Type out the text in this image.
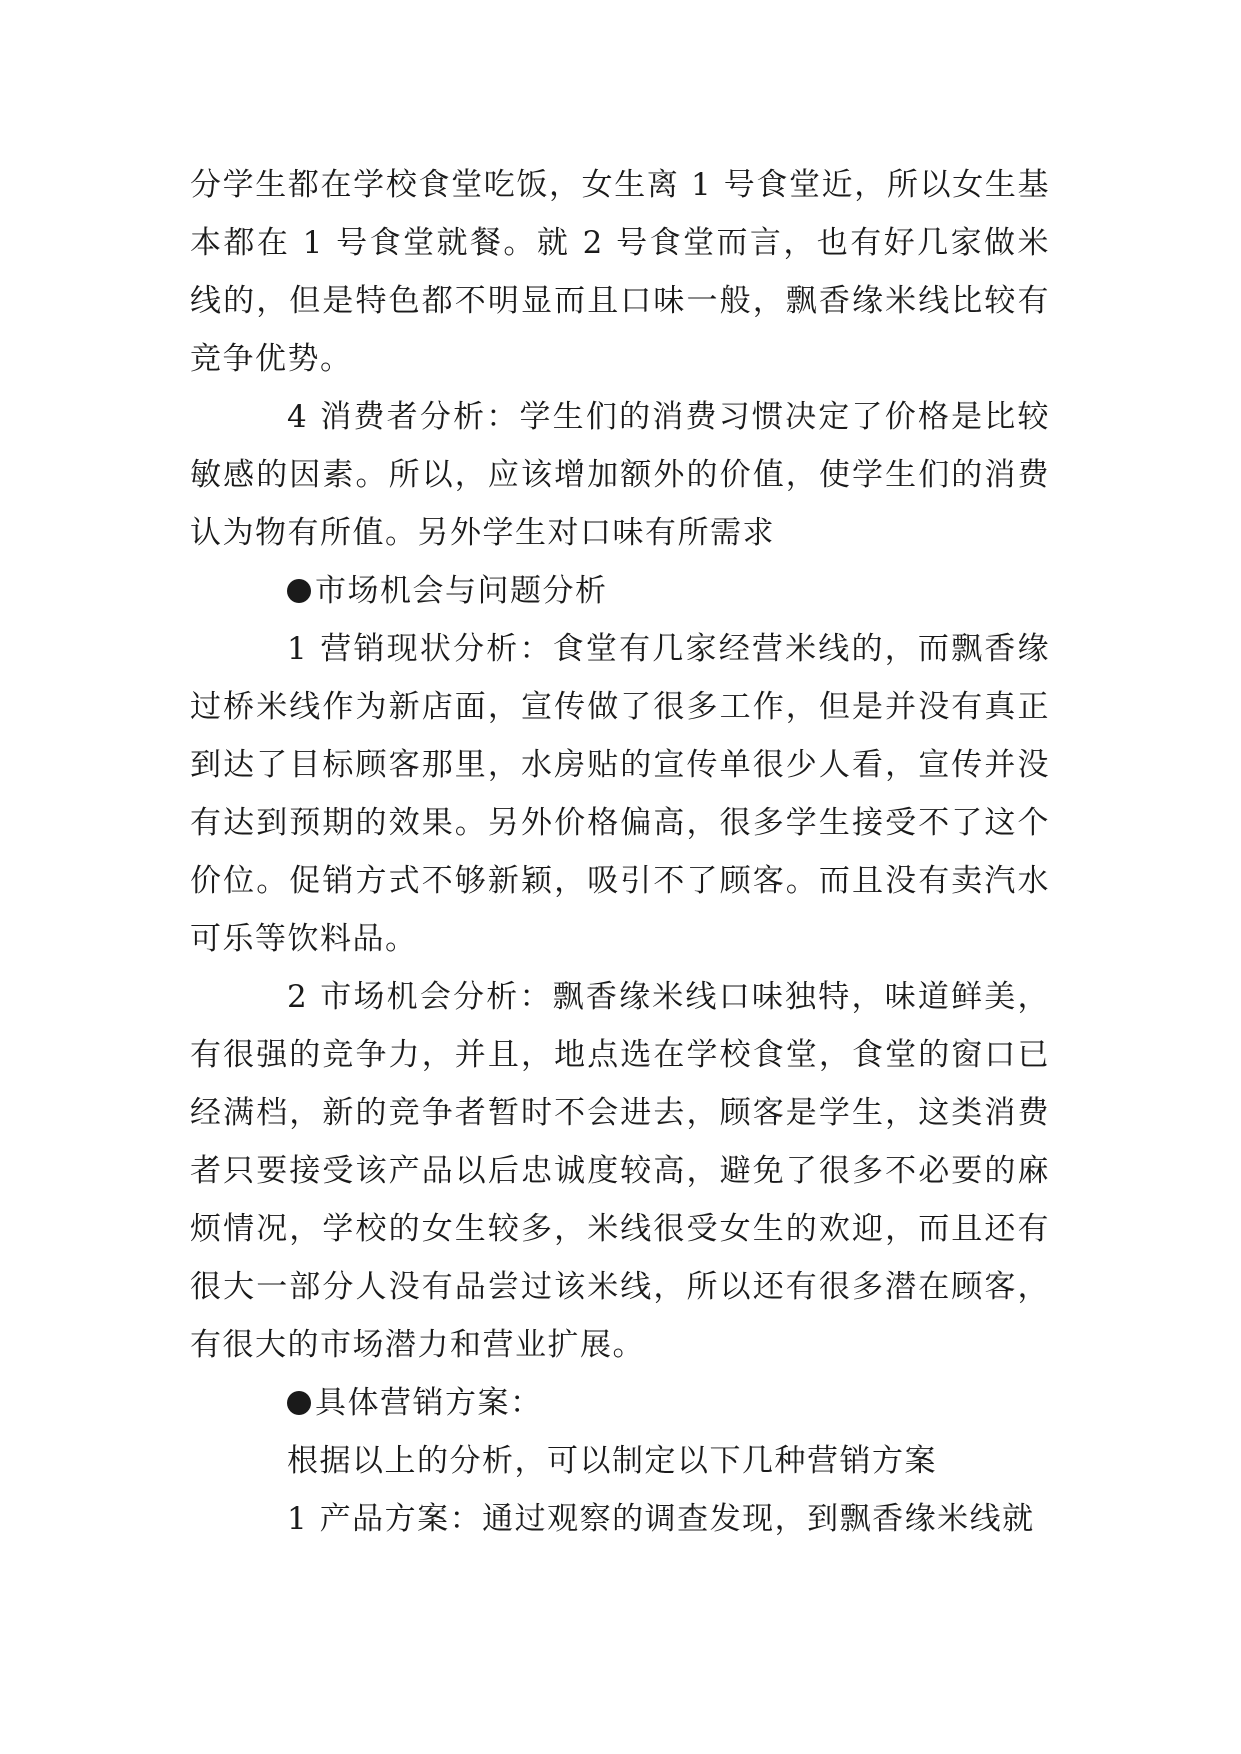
分学生都在学校食堂吃饭，女生离 1 号食堂近，所以女生基本都在 1 号食堂就餐。就 2 号食堂而言，也有好几家做米线的，但是特色都不明显而且口味一般，飘香缘米线比较有竞争优势。

4 消费者分析：学生们的消费习惯决定了价格是比较敏感的因素。所以，应该增加额外的价值，使学生们的消费认为物有所值。另外学生对口味有所需求

市场机会与问题分析

1 营销现状分析：食堂有几家经营米线的，而飘香缘过桥米线作为新店面，宣传做了很多工作，但是并没有真正到达了目标顾客那里，水房贴的宣传单很少人看，宣传并没有达到预期的效果。另外价格偏高，很多学生接受不了这个价位。促销方式不够新颖，吸引不了顾客。而且没有卖汽水可乐等饮料品。

2 市场机会分析：飘香缘米线口味独特，味道鲜美，有很强的竞争力，并且，地点选在学校食堂，食堂的窗口已经满档，新的竞争者暂时不会进去，顾客是学生，这类消费者只要接受该产品以后忠诚度较高，避免了很多不必要的麻烦情况，学校的女生较多，米线很受女生的欢迎，而且还有很大一部分人没有品尝过该米线，所以还有很多潜在顾客，有很大的市场潜力和营业扩展。

具体营销方案：

根据以上的分析，可以制定以下几种营销方案

1 产品方案：通过观察的调查发现，到飘香缘米线就
